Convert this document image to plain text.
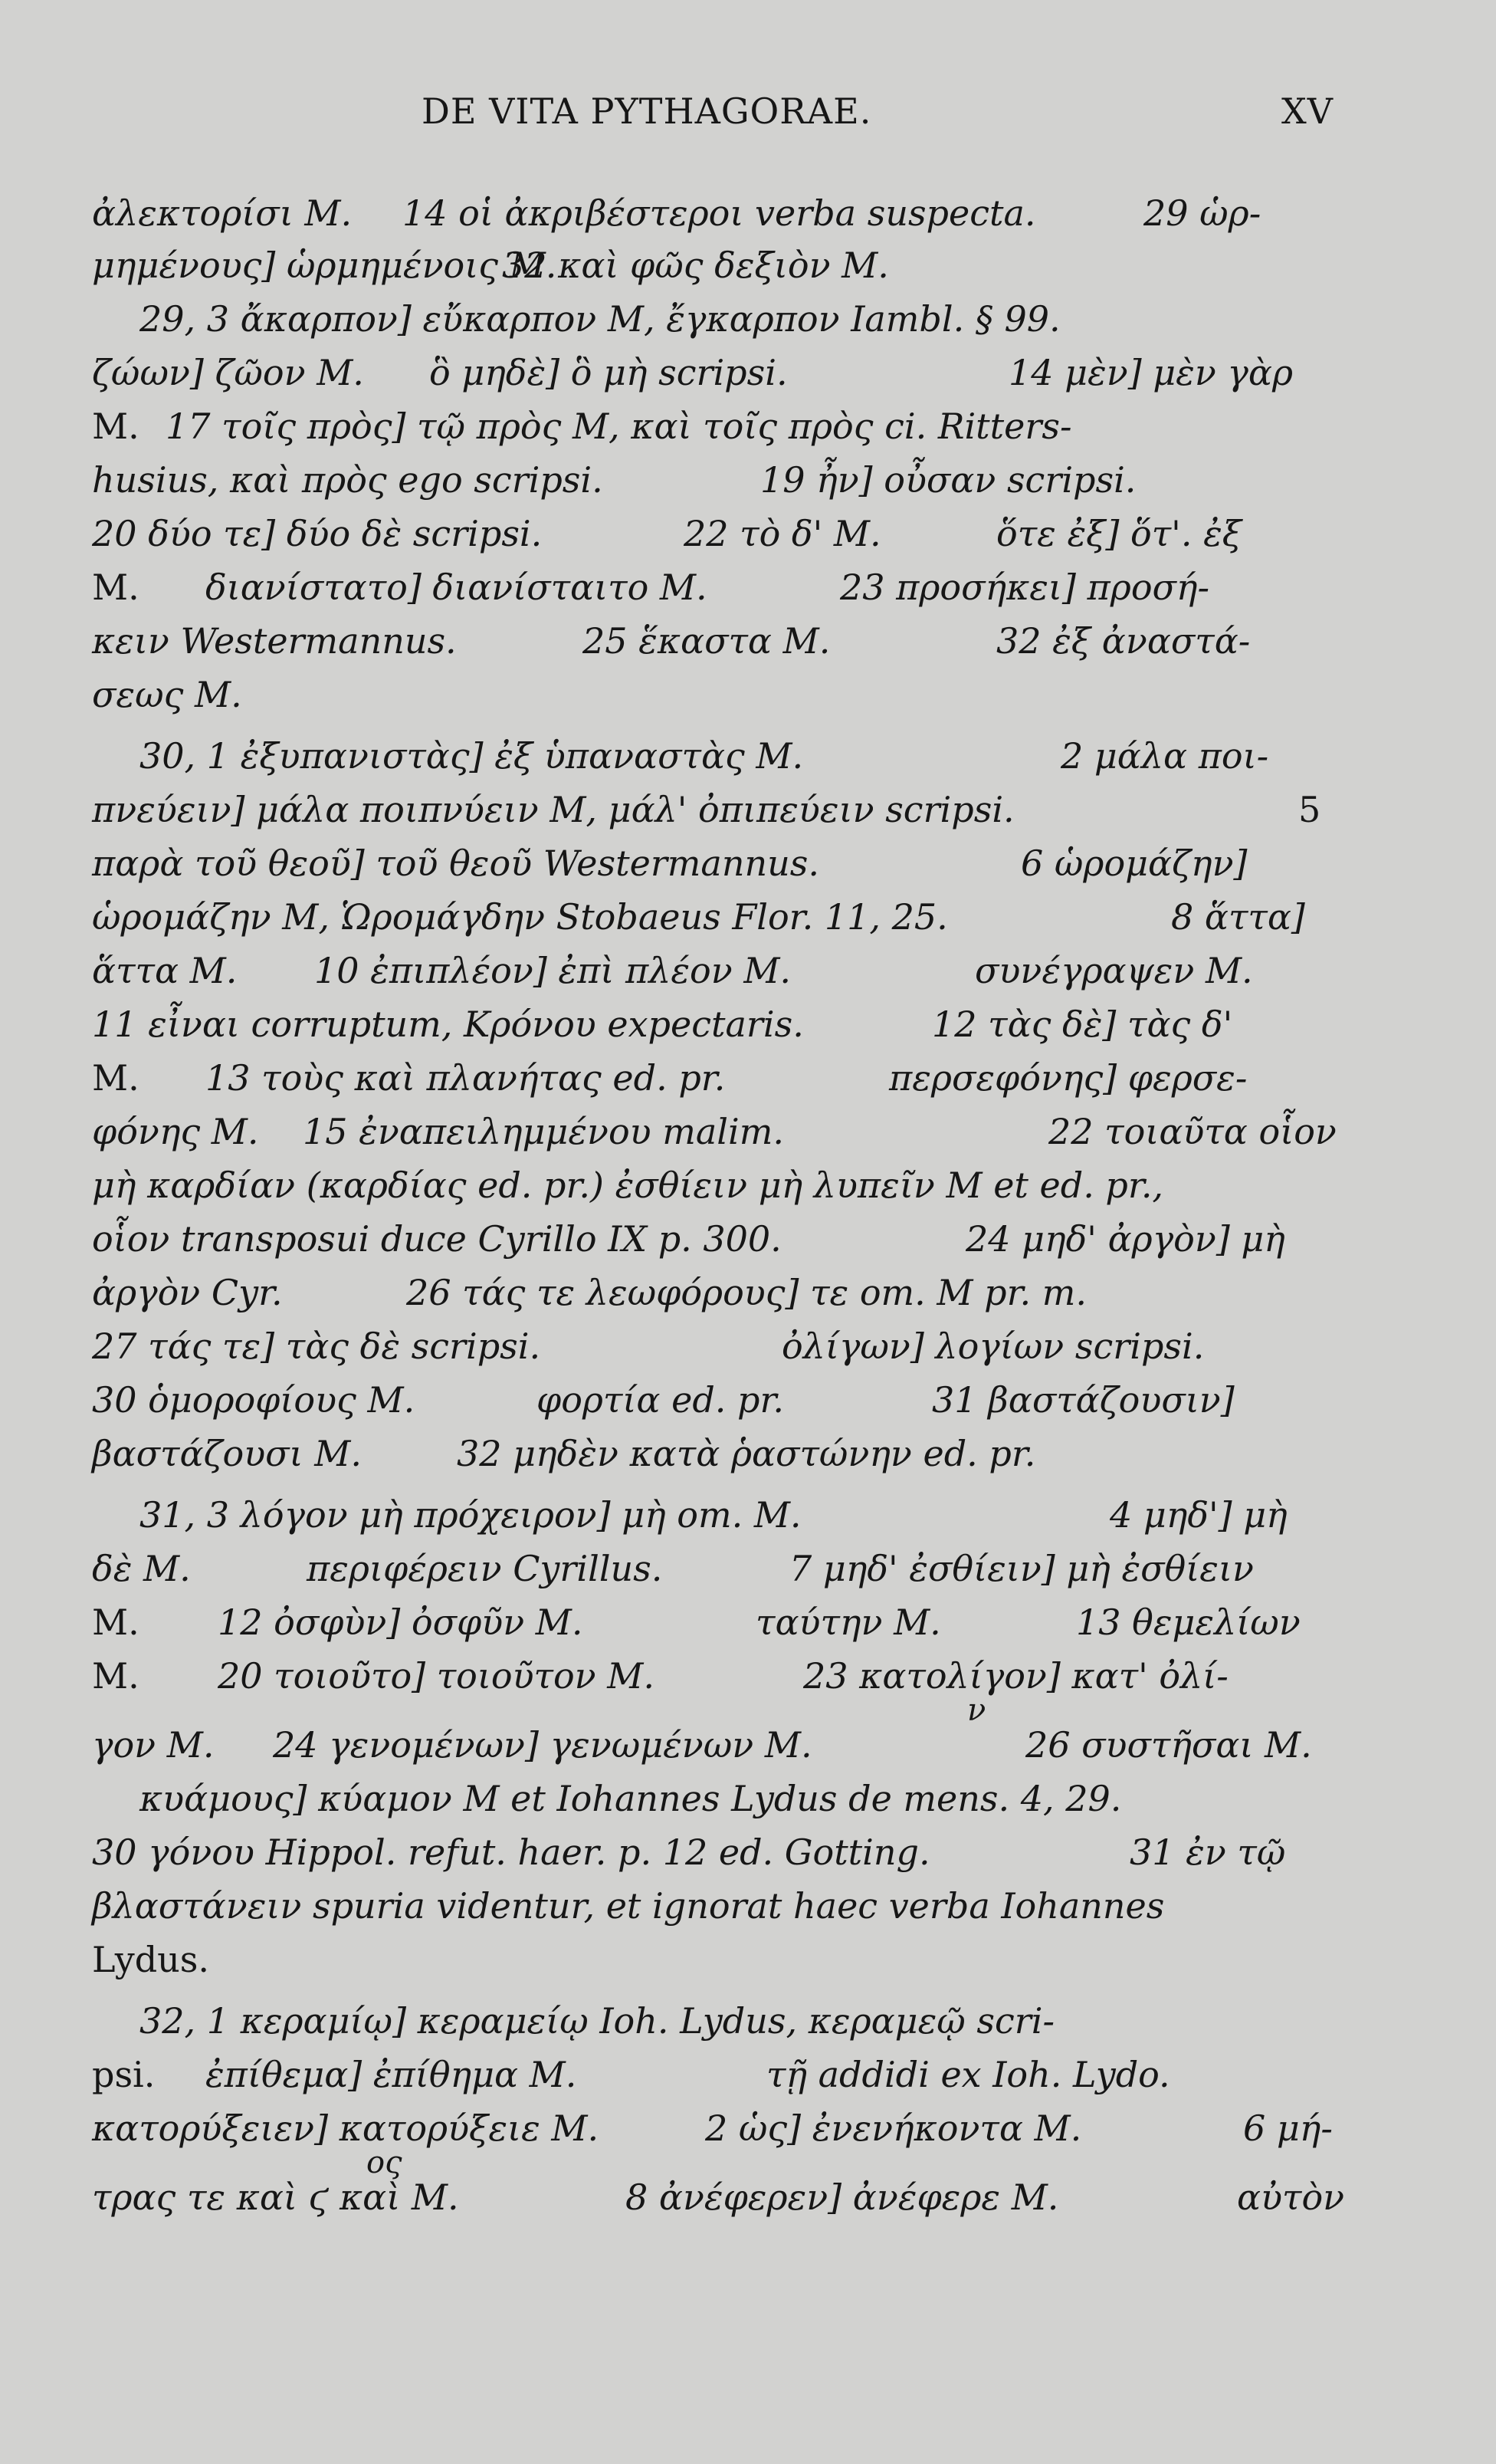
DE VITA PYTHAGORAE.	XV
ἀλεκτορίσι M. 14 οἱ ἀκριβέστεροι verba suspecta.	29 ὡρ-
μημένους] ὡρμημένοις M.
32 καὶ φῶς δεξιὸν M.
29, 3 ἄκαρπον] εὔκαρπον M, ἔγκαρπον Iambl. § 99.
ζώων] ζῶον M. ὃ μηδὲ] ὃ μὴ scripsi.	14 μὲν] μὲν γὰρ
M. 17 τοῖς πρὸς] τῷ πρὸς M, καὶ τοῖς πρὸς ci. Ritters-
husius, καὶ πρὸς ego scripsi.	19 ἦν] οὖσαν scripsi.
20 δύο τε] δύο δὲ scripsi.	22 τὸ δ' M.	ὅτε ἐξ] ὅτ'. ἐξ
M. διανίστατο] διανίσταιτο M.	23 προσήκει] προσή-
κειν Westermannus.	25 ἕκαστα M.	32 ἐξ ἀναστά-
σεως M.
30, 1 ἐξυπανιστὰς] ἐξ ὑπαναστὰς M.	2 μάλα ποι-
πνεύειν] μάλα ποιπνύειν M, μάλ' ὀπιπεύειν scripsi.	5
παρὰ τοῦ θεοῦ] τοῦ θεοῦ Westermannus.	6 ὡρομάζην]
ὡρομάζην M, Ὡρομάγδην Stobaeus Flor. 11, 25.	8 ἅττα]
ἅττα M. 10 ἐπιπλέον] ἐπὶ πλέον M.	συνέγραψεν M.
11 εἶναι corruptum, Κρόνου expectaris.	12 τὰς δὲ] τὰς δ'
M. 13 τοὺς καὶ πλανήτας ed. pr.	περσεφόνης] φερσε-
φόνης M. 15 ἐναπειλημμένου malim.	22 τοιαῦτα οἷον
μὴ καρδίαν (καρδίας ed. pr.) ἐσθίειν μὴ λυπεῖν M et ed. pr.,
οἷον transposui duce Cyrillo IX p. 300.	24 μηδ' ἀργὸν] μὴ
ἀργὸν Cyr.	26 τάς τε λεωφόρους] τε om. M pr. m.
27 τάς τε] τὰς δὲ scripsi.	ὀλίγων] λογίων scripsi.
30 ὁμοροφίους M.	φορτία ed. pr.	31 βαστάζουσιν]
βαστάζουσι M.	32 μηδὲν κατὰ ῥαστώνην ed. pr.
31, 3 λόγον μὴ πρόχειρον] μὴ om. M.	4 μηδ'] μὴ
δὲ M.	περιφέρειν Cyrillus.	7 μηδ' ἐσθίειν] μὴ ἐσθίειν
M. 12 ὀσφὺν] ὀσφῦν M.	ταύτην M.	13 θεμελίων
M. 20 τοιοῦτο] τοιοῦτον M.	23 κατολίγον] κατ' ὀλί-
ν
γον M. 24 γενομένων] γενωμένων M.	26 συστῆσαι M.
κυάμους] κύαμον M et Iohannes Lydus de mens. 4, 29.
30 γόνου Hippol. refut. haer. p. 12 ed. Gotting.	31 ἐν τῷ
βλαστάνειν spuria videntur, et ignorat haec verba Iohannes
Lydus.
32, 1 κεραμίῳ] κεραμείῳ Ioh. Lydus, κεραμεῷ scri-
psi. ἐπίθεμα] ἐπίθημα M.	τῇ addidi ex Ioh. Lydo.
κατορύξειεν] κατορύξειε M.	2 ὡς] ἐνενήκοντα M.	6 μή-
ος
τρας τε καὶ ϛ καὶ M.	8 ἀνέφερεν] ἀνέφερε M.	αὐτὸν
